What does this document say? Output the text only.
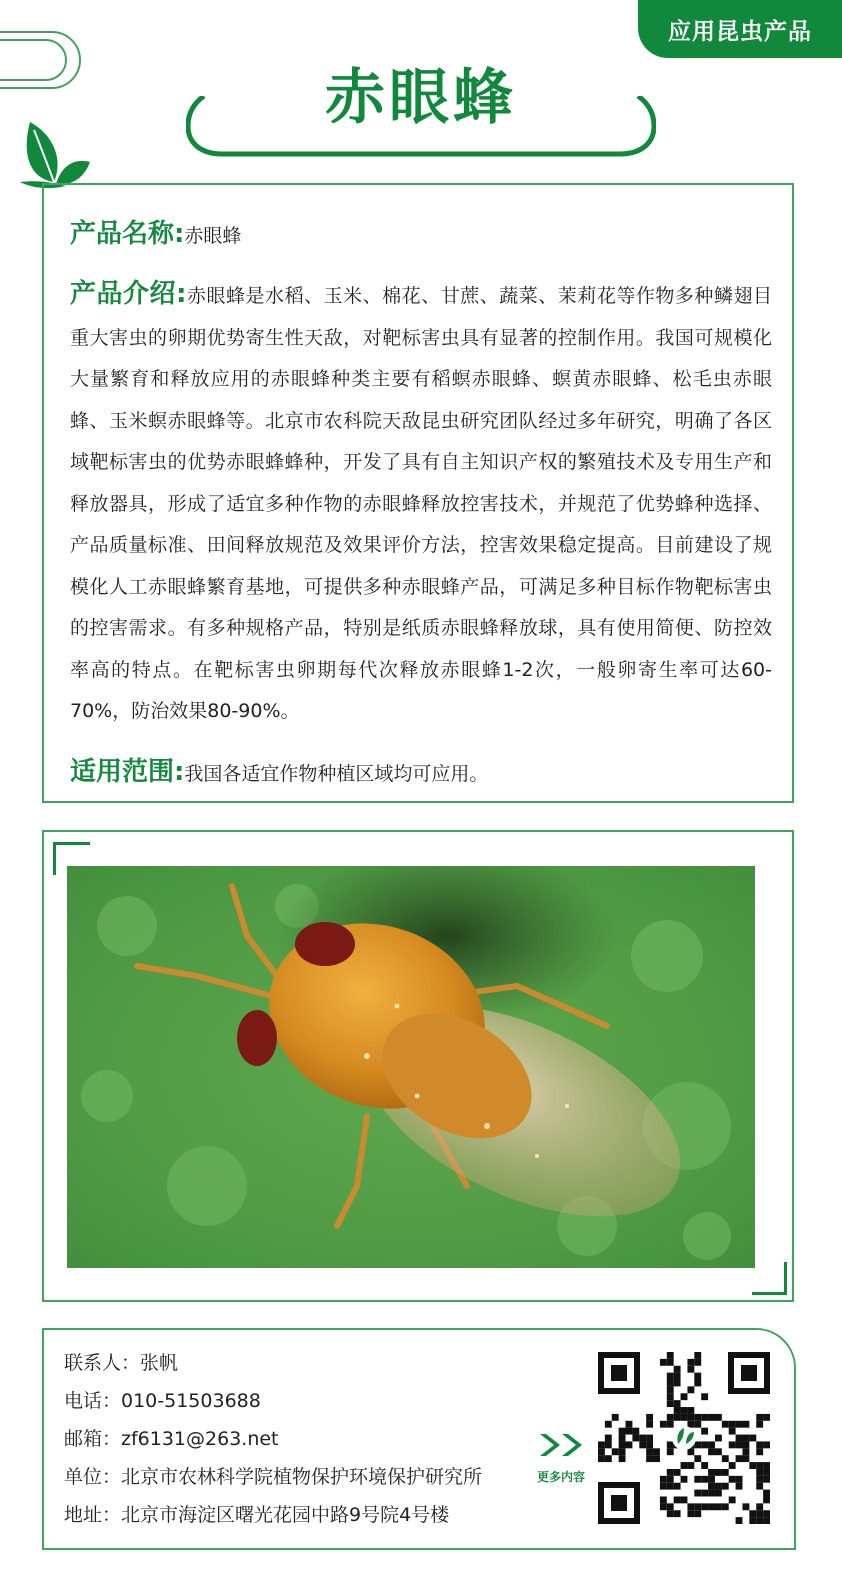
应用昆虫产品
赤眼蜂
产品名称:赤眼蜂
产品介绍:赤眼蜂是水稻、玉米、棉花、甘蔗、蔬菜、茉莉花等作物多种鳞翅目重大害虫的卵期优势寄生性天敌，对靶标害虫具有显著的控制作用。我国可规模化大量繁育和释放应用的赤眼蜂种类主要有稻螟赤眼蜂、螟黄赤眼蜂、松毛虫赤眼蜂、玉米螟赤眼蜂等。北京市农科院天敌昆虫研究团队经过多年研究，明确了各区域靶标害虫的优势赤眼蜂蜂种，开发了具有自主知识产权的繁殖技术及专用生产和释放器具，形成了适宜多种作物的赤眼蜂释放控害技术，并规范了优势蜂种选择、产品质量标准、田间释放规范及效果评价方法，控害效果稳定提高。目前建设了规模化人工赤眼蜂繁育基地，可提供多种赤眼蜂产品，可满足多种目标作物靶标害虫的控害需求。有多种规格产品，特别是纸质赤眼蜂释放球，具有使用简便、防控效率高的特点。在靶标害虫卵期每代次释放赤眼蜂1-2次，一般卵寄生率可达60-70%，防治效果80-90%。
适用范围:我国各适宜作物种植区域均可应用。
联系人：张帆
电话：010-51503688
邮箱：zf6131@263.net
单位：北京市农林科学院植物保护环境保护研究所
地址：北京市海淀区曙光花园中路9号院4号楼
更多内容
